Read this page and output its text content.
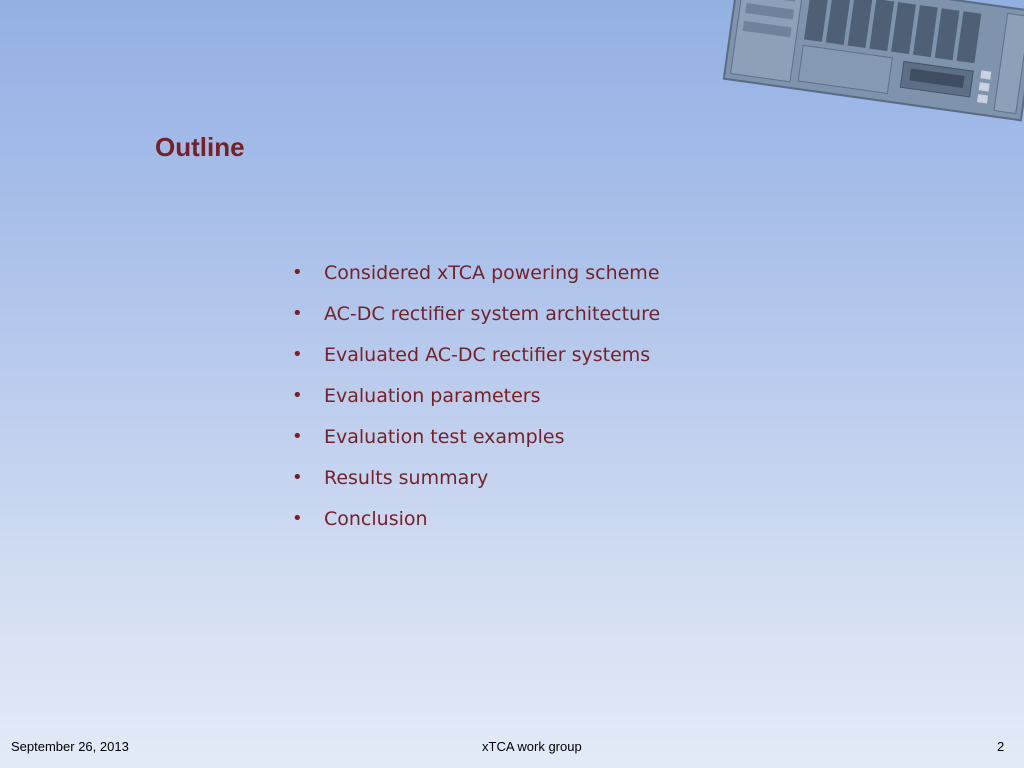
Outline
•	Considered xTCA powering scheme
•	AC-DC rectifier system architecture
•	Evaluated AC-DC rectifier systems
•	Evaluation parameters
•	Evaluation test examples
•	Results summary
•	Conclusion
September 26, 2013	xTCA work group	2
